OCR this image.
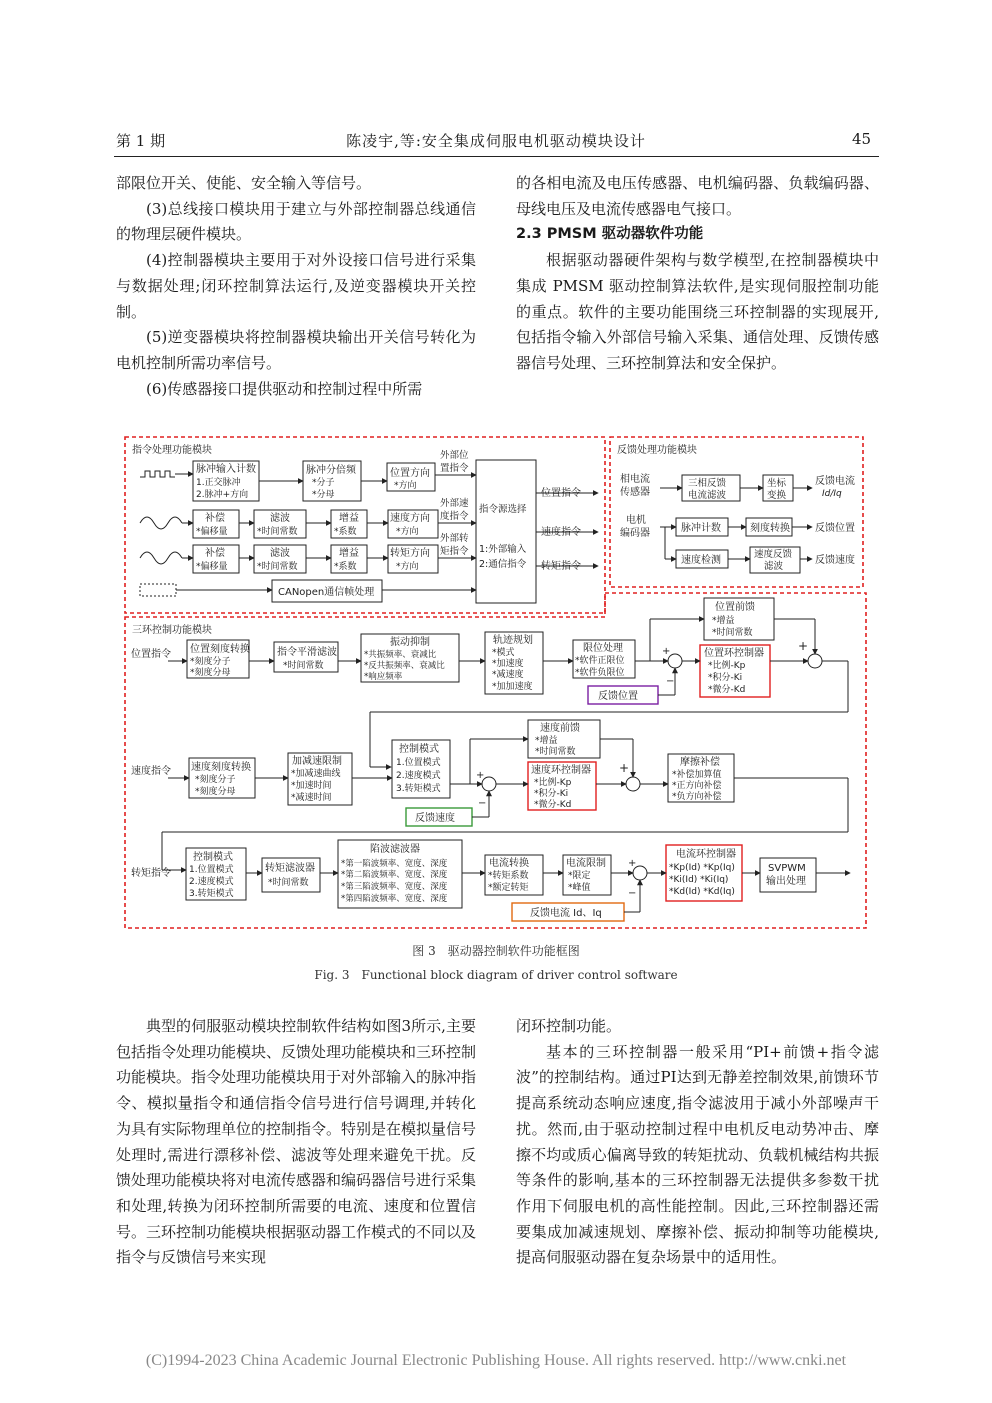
第 1 期	陈凌宇,等:安全集成伺服电机驱动模块设计	45

部限位开关、使能、安全输入等信号。

(3)总线接口模块用于建立与外部控制器总线通信的物理层硬件模块。

(4)控制器模块主要用于对外设接口信号进行采集与数据处理;闭环控制算法运行,及逆变器模块开关控制。

(5)逆变器模块将控制器模块输出开关信号转化为电机控制所需功率信号。

(6)传感器接口提供驱动和控制过程中所需

的各相电流及电压传感器、电机编码器、负载编码器、母线电压及电流传感器电气接口。

2.3 PMSM 驱动器软件功能

根据驱动器硬件架构与数学模型,在控制器模块中集成 PMSM 驱动控制算法软件,是实现伺服控制功能的重点。软件的主要功能围绕三环控制器的实现展开,包括指令输入外部信号输入采集、通信处理、反馈传感器信号处理、三环控制算法和安全保护。

指令处理功能模块
脉冲输入计数
1.正交脉冲
2.脉冲+方向
脉冲分倍频
*分子
*分母
位置方向
*方向
外部位
置指令
外部速
度指令
外部转
矩指令
补偿
*偏移量
滤波
*时间常数
增益
*系数
速度方向
*方向
补偿
*偏移量
滤波
*时间常数
增益
*系数
转矩方向
*方向
CANopen通信帧处理
指令源选择
1:外部输入
2:通信指令
位置指令
速度指令
转矩指令
反馈处理功能模块
相电流
传感器
三相反馈
电流滤波
坐标
变换
反馈电流
Id/Iq
电机
编码器	脉冲计数	刻度转换	反馈位置
速度检测
速度反馈
滤波
反馈速度
三环控制功能模块
位置指令 位置刻度转换
*刻度分子
*刻度分母
指令平滑滤波
*时间常数
振动抑制
*共振频率、衰减比
*反共振频率、衰减比
*响应频率
轨迹规划
*模式
*加速度
*减速度
*加加速度
限位处理
*软件正限位
*软件负限位
反馈位置
位置前馈
*增益
*时间常数
位置环控制器
*比例-Kp
*积分-Ki
*微分-Kd
速度指令 速度刻度转换
*刻度分子
*刻度分母
加减速限制
*加减速曲线
*加速时间
*减速时间
控制模式
1.位置模式
2.速度模式
3.转矩模式
速度前馈
*增益
*时间常数
速度环控制器
*比例-Kp
*积分-Ki
*微分-Kd
摩擦补偿
*补偿加算值
*正方向补偿
*负方向补偿
反馈速度
转矩指令
控制模式
1.位置模式
2.速度模式
3.转矩模式
转矩滤波器
*时间常数
陷波滤波器
*第一陷波频率、宽度、深度
*第二陷波频率、宽度、深度
*第三陷波频率、宽度、深度
*第四陷波频率、宽度、深度
电流转换
*转矩系数
*额定转矩
电流限制
*限定
*峰值
电流环控制器
*Kp(Id) *Kp(Iq)
*Ki(Id) *Ki(Iq)
*Kd(Id) *Kd(Iq)
SVPWM
输出处理
反馈电流 Id、Iq
+
−
+
+
−
+
+
−
图 3　驱动器控制软件功能框图
Fig. 3　Functional block diagram of driver control software

典型的伺服驱动模块控制软件结构如图3所示,主要包括指令处理功能模块、反馈处理功能模块和三环控制功能模块。指令处理功能模块用于对外部输入的脉冲指令、模拟量指令和通信指令信号进行信号调理,并转化为具有实际物理单位的控制指令。特别是在模拟量信号处理时,需进行漂移补偿、滤波等处理来避免干扰。反馈处理功能模块将对电流传感器和编码器信号进行采集和处理,转换为闭环控制所需要的电流、速度和位置信号。三环控制功能模块根据驱动器工作模式的不同以及指令与反馈信号来实现

闭环控制功能。

基本的三环控制器一般采用“PI+前馈+指令滤波”的控制结构。通过PI达到无静差控制效果,前馈环节提高系统动态响应速度,指令滤波用于减小外部噪声干扰。然而,由于驱动控制过程中电机反电动势冲击、摩擦不均或质心偏离导致的转矩扰动、负载机械结构共振等条件的影响,基本的三环控制器无法提供多参数干扰作用下伺服电机的高性能控制。因此,三环控制器还需要集成加减速规划、摩擦补偿、振动抑制等功能模块,提高伺服驱动器在复杂场景中的适用性。

(C)1994-2023 China Academic Journal Electronic Publishing House. All rights reserved. http://www.cnki.net
